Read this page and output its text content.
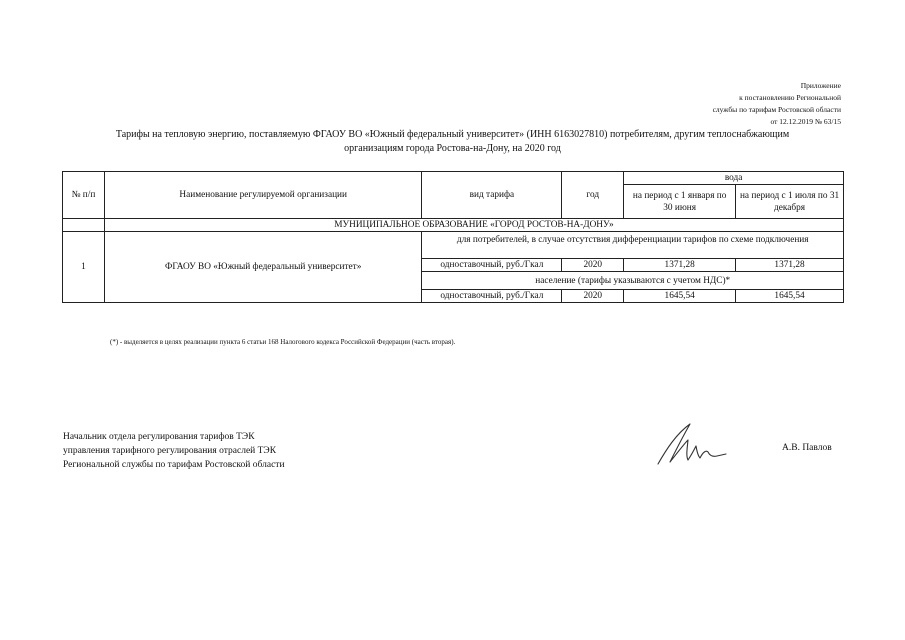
Приложение
к постановлению Региональной
службы по тарифам Ростовской области
от 12.12.2019 № 63/15
Тарифы на тепловую энергию, поставляемую ФГАОУ ВО «Южный федеральный университет» (ИНН 6163027810) потребителям, другим теплоснабжающим
организациям города Ростова-на-Дону, на 2020 год
№ п/п	Наименование регулируемой организации	вид тарифа	год	вода	
				на период с 1 января по 30 июня	на период с 1 июля по 31 декабря
	МУНИЦИПАЛЬНОЕ ОБРАЗОВАНИЕ «ГОРОД РОСТОВ-НА-ДОНУ»				
1	ФГАОУ ВО «Южный федеральный университет»	для потребителей, в случае отсутствия дифференциации тарифов по схеме подключения			
		одноставочный, руб./Гкал	2020	1371,28	1371,28
		население (тарифы указываются с учетом НДС)*			
		одноставочный, руб./Гкал	2020	1645,54	1645,54
(*) - выделяется в целях реализации пункта 6 статьи 168 Налогового кодекса Российской Федерации (часть вторая).
Начальник отдела регулирования тарифов ТЭК
управления тарифного регулирования отраслей ТЭК
Региональной службы по тарифам Ростовской области
А.В. Павлов
